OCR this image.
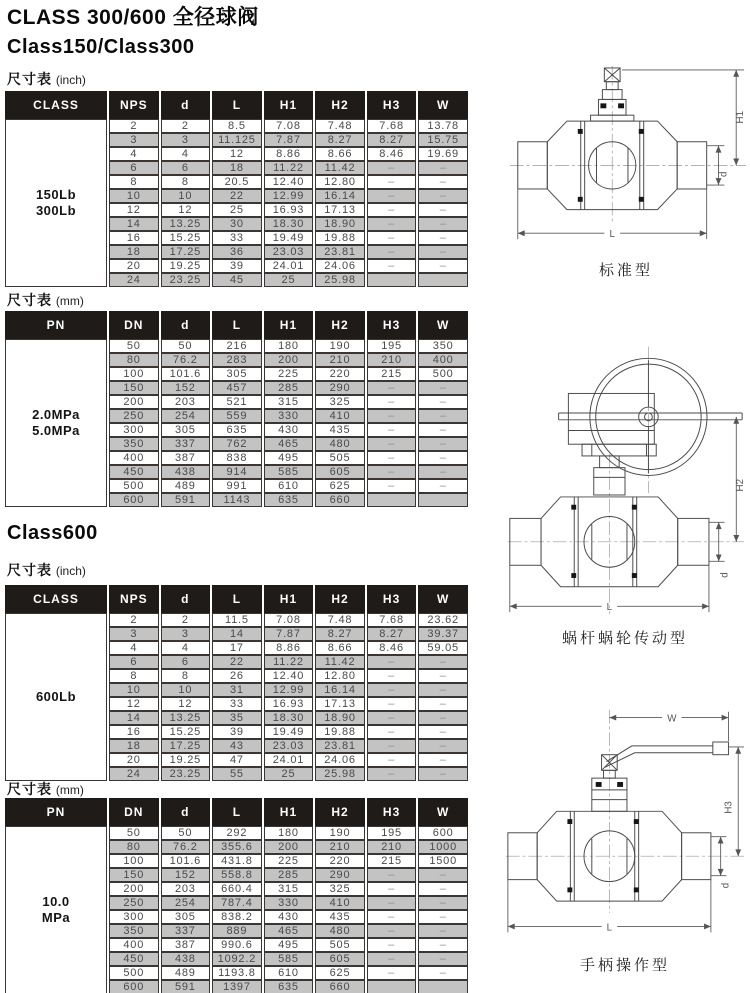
CLASS 300/600 全径球阀
Class150/Class300
尺寸表 (inch)
CLASS	NPS	d	L	H1	H2	H3	W

150Lb
300Lb	2	2	8.5	7.08	7.48	7.68	13.78
	3	3	11.125	7.87	8.27	8.27	15.75
	4	4	12	8.86	8.66	8.46	19.69
	6	6	18	11.22	11.42	–	–
	8	8	20.5	12.40	12.80	–	–
	10	10	22	12.99	16.14	–	–
	12	12	25	16.93	17.13	–	–
	14	13.25	30	18.30	18.90	–	–
	16	15.25	33	19.49	19.88	–	–
	18	17.25	36	23.03	23.81	–	–
	20	19.25	39	24.01	24.06	–	–
	24	23.25	45	25	25.98		
尺寸表 (mm)
PN	DN	d	L	H1	H2	H3	W

2.0MPa
5.0MPa	50	50	216	180	190	195	350
	80	76.2	283	200	210	210	400
	100	101.6	305	225	220	215	500
	150	152	457	285	290	–	–
	200	203	521	315	325	–	–
	250	254	559	330	410	–	–
	300	305	635	430	435	–	–
	350	337	762	465	480	–	–
	400	387	838	495	505	–	–
	450	438	914	585	605	–	–
	500	489	991	610	625	–	–
	600	591	1143	635	660		
Class600
尺寸表 (inch)
CLASS	NPS	d	L	H1	H2	H3	W

600Lb	2	2	11.5	7.08	7.48	7.68	23.62
	3	3	14	7.87	8.27	8.27	39.37
	4	4	17	8.86	8.66	8.46	59.05
	6	6	22	11.22	11.42	–	–
	8	8	26	12.40	12.80	–	–
	10	10	31	12.99	16.14	–	–
	12	12	33	16.93	17.13	–	–
	14	13.25	35	18.30	18.90	–	–
	16	15.25	39	19.49	19.88	–	–
	18	17.25	43	23.03	23.81	–	–
	20	19.25	47	24.01	24.06	–	–
	24	23.25	55	25	25.98	–	–
尺寸表 (mm)
PN	DN	d	L	H1	H2	H3	W

10.0
MPa	50	50	292	180	190	195	600
	80	76.2	355.6	200	210	210	1000
	100	101.6	431.8	225	220	215	1500
	150	152	558.8	285	290	–	–
	200	203	660.4	315	325	–	–
	250	254	787.4	330	410	–	–
	300	305	838.2	430	435	–	–
	350	337	889	465	480	–	–
	400	387	990.6	495	505	–	–
	450	438	1092.2	585	605	–	–
	500	489	1193.8	610	625	–	–
	600	591	1397	635	660		
H1
d
L
标准型
H2
d
L
蜗杆蜗轮传动型
W
H3
d
L
手柄操作型
